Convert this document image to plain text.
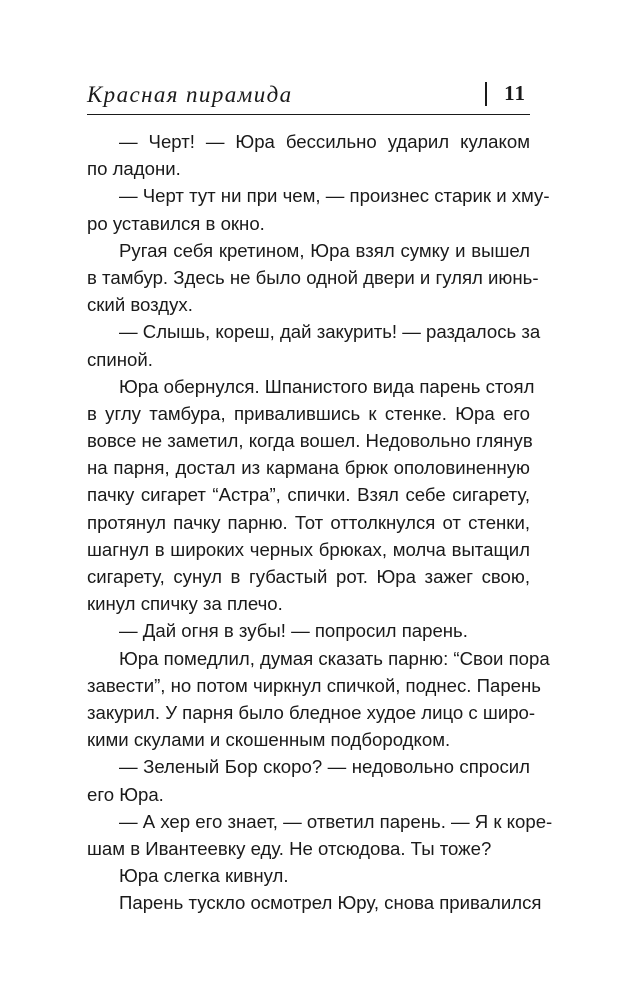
Красная пирамида	11
— Черт! — Юра бессильно ударил кулаком
по ладони.
— Черт тут ни при чем, — произнес старик и хму-
ро уставился в окно.
Ругая себя кретином, Юра взял сумку и вышел
в тамбур. Здесь не было одной двери и гулял июнь-
ский воздух.
— Слышь, кореш, дай закурить! — раздалось за
спиной.
Юра обернулся. Шпанистого вида парень стоял
в углу тамбура, привалившись к стенке. Юра его
вовсе не заметил, когда вошел. Недовольно глянув
на парня, достал из кармана брюк ополовиненную
пачку сигарет “Астра”, спички. Взял себе сигарету,
протянул пачку парню. Тот оттолкнулся от стенки,
шагнул в широких черных брюках, молча вытащил
сигарету, сунул в губастый рот. Юра зажег свою,
кинул спичку за плечо.
— Дай огня в зубы! — попросил парень.
Юра помедлил, думая сказать парню: “Свои пора
завести”, но потом чиркнул спичкой, поднес. Парень
закурил. У парня было бледное худое лицо с широ-
кими скулами и скошенным подбородком.
— Зеленый Бор скоро? — недовольно спросил
его Юра.
— А хер его знает, — ответил парень. — Я к коре-
шам в Ивантеевку еду. Не отсюдова. Ты тоже?
Юра слегка кивнул.
Парень тускло осмотрел Юру, снова привалился
